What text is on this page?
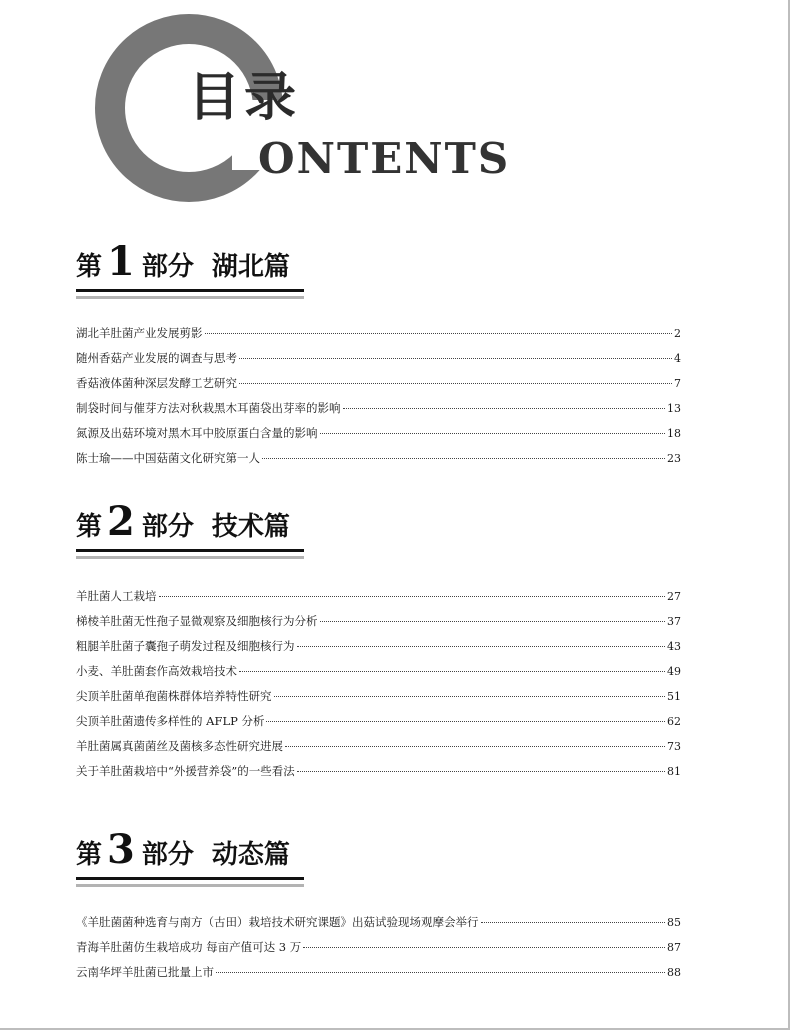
目录
ONTENTS
第 1 部分 湖北篇
湖北羊肚菌产业发展剪影	2
随州香菇产业发展的调查与思考	4
香菇液体菌种深层发酵工艺研究	7
制袋时间与催芽方法对秋栽黑木耳菌袋出芽率的影响	13
氮源及出菇环境对黑木耳中胶原蛋白含量的影响	18
陈士瑜——中国菇菌文化研究第一人	23
第 2 部分 技术篇
羊肚菌人工栽培	27
梯棱羊肚菌无性孢子显微观察及细胞核行为分析	37
粗腿羊肚菌子囊孢子萌发过程及细胞核行为	43
小麦、羊肚菌套作高效栽培技术	49
尖顶羊肚菌单孢菌株群体培养特性研究	51
尖顶羊肚菌遗传多样性的 AFLP 分析	62
羊肚菌属真菌菌丝及菌核多态性研究进展	73
关于羊肚菌栽培中“外援营养袋”的一些看法	81
第 3 部分 动态篇
《羊肚菌菌种选育与南方（古田）栽培技术研究课题》出菇试验现场观摩会举行	85
青海羊肚菌仿生栽培成功 每亩产值可达 3 万	87
云南华坪羊肚菌已批量上市	88
